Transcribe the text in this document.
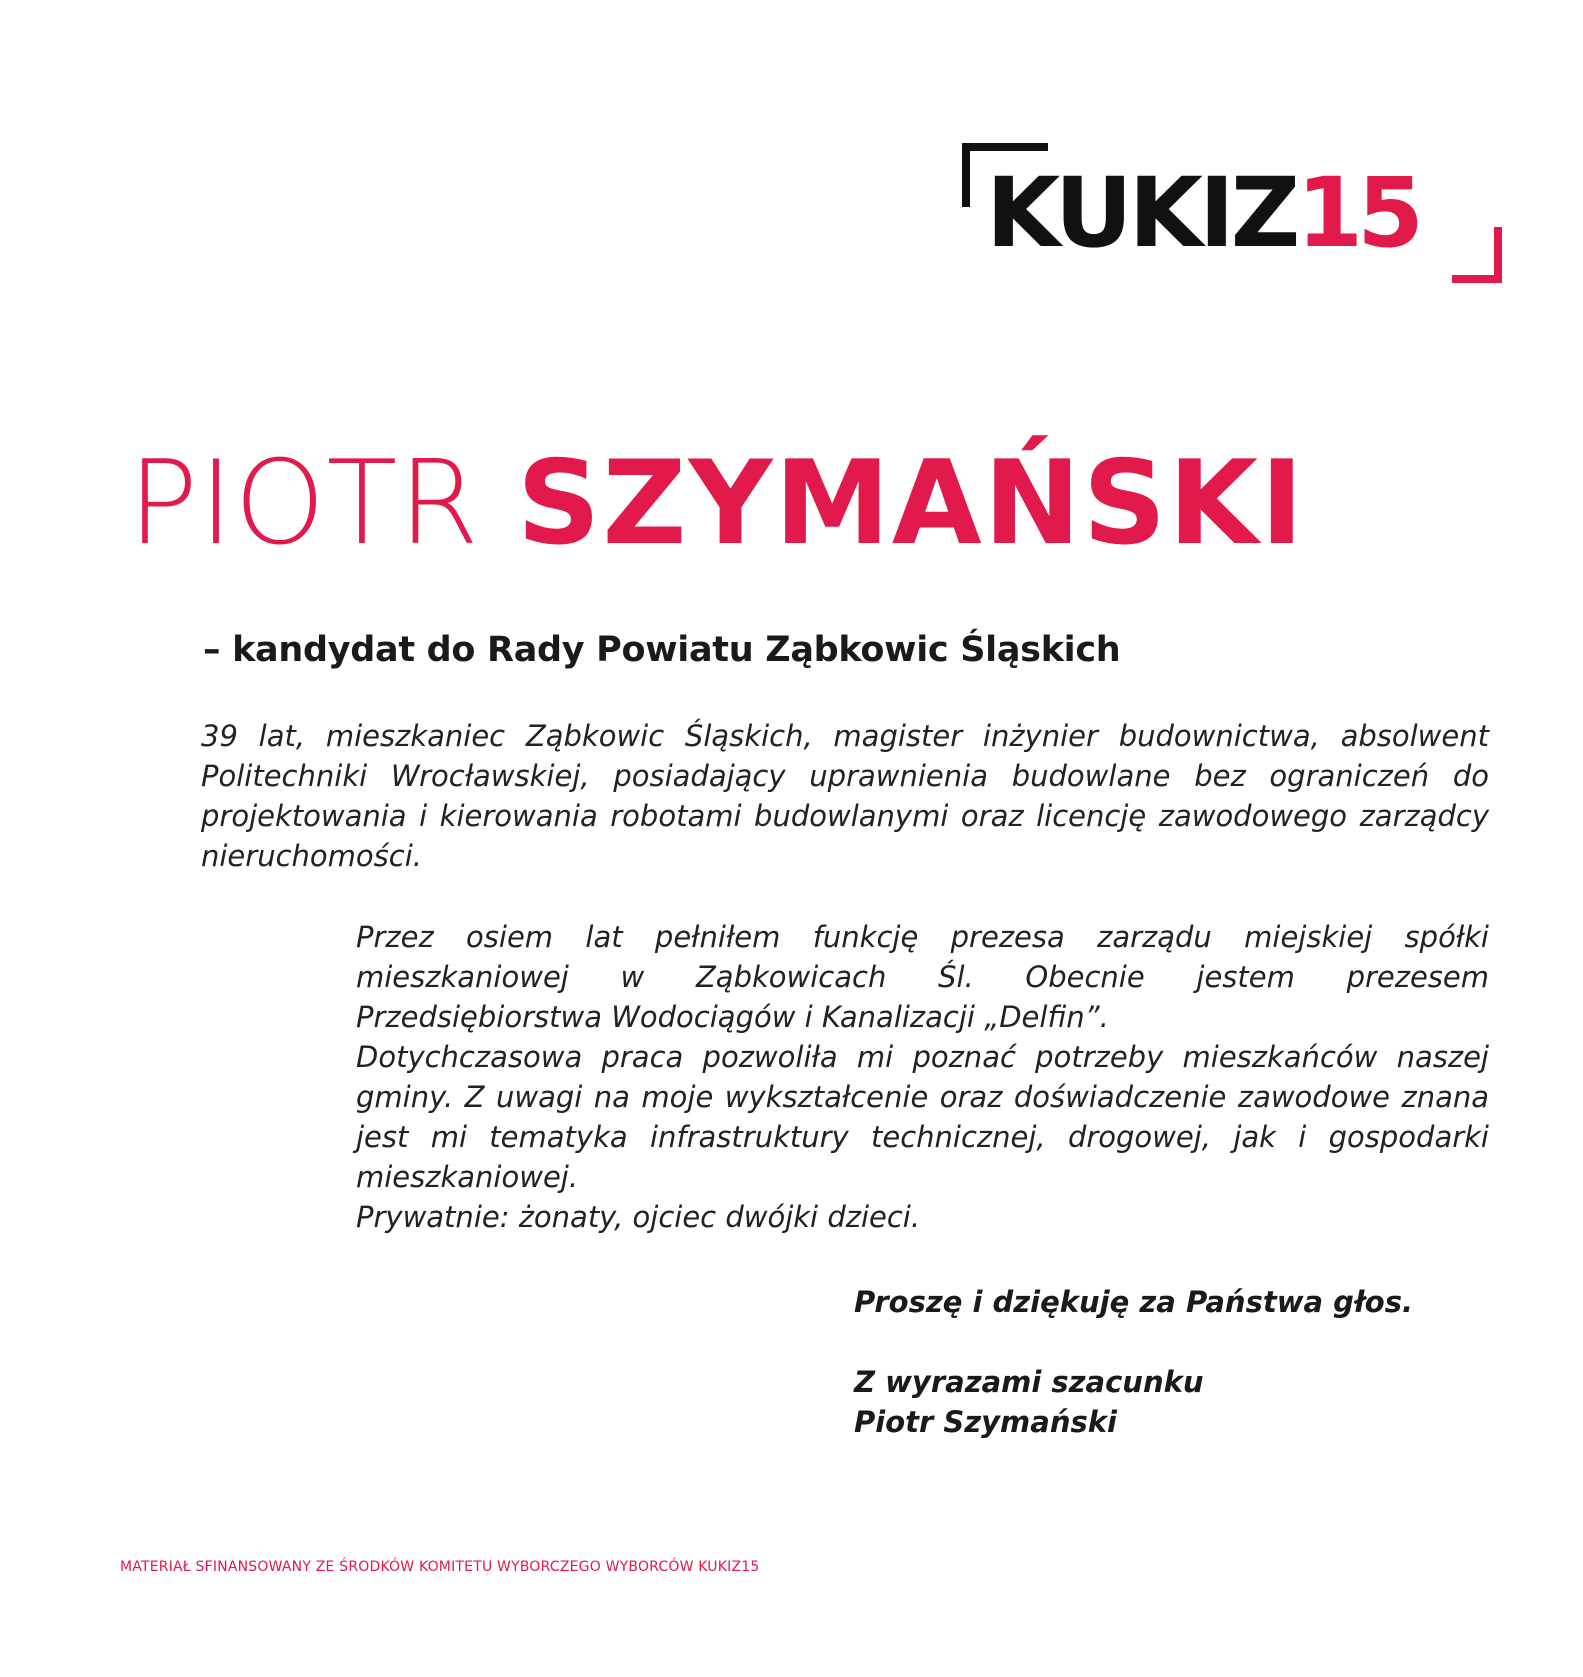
KUKIZ15
PIOTR SZYMAŃSKI
– kandydat do Rady Powiatu Ząbkowic Śląskich

39 lat, mieszkaniec Ząbkowic Śląskich, magister inżynier budownictwa, absolwent Politechniki Wrocławskiej, posiadający uprawnienia budowlane bez ograniczeń do projektowania i kierowania robotami budowlanymi oraz licencję zawodowego zarządcy nieruchomości.

Przez osiem lat pełniłem funkcję prezesa zarządu miejskiej spółki mieszkaniowej w Ząbkowicach Śl. Obecnie jestem prezesem Przedsiębiorstwa Wodociągów i Kanalizacji „Delfin”.
Dotychczasowa praca pozwoliła mi poznać potrzeby mieszkańców naszej gminy. Z uwagi na moje wykształcenie oraz doświadczenie zawodowe znana jest mi tematyka infrastruktury technicznej, drogowej, jak i gospodarki mieszkaniowej.
Prywatnie: żonaty, ojciec dwójki dzieci.
Proszę i dziękuję za Państwa głos.
Z wyrazami szacunku
Piotr Szymański
MATERIAŁ SFINANSOWANY ZE ŚRODKÓW KOMITETU WYBORCZEGO WYBORCÓW KUKIZ15
